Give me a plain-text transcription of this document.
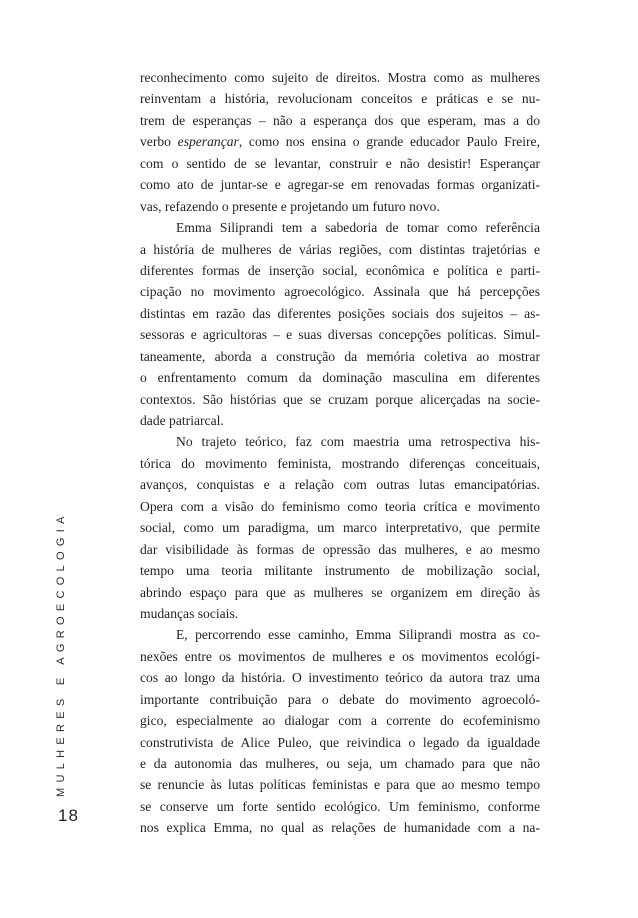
MULHERES E AGROECOLOGIA
18
reconhecimento como sujeito de direitos. Mostra como as mulheres
reinventam a história, revolucionam conceitos e práticas e se nu-
trem de esperanças – não a esperança dos que esperam, mas a do
verbo esperançar, como nos ensina o grande educador Paulo Freire,
com o sentido de se levantar, construir e não desistir! Esperançar
como ato de juntar-se e agregar-se em renovadas formas organizati-
vas, refazendo o presente e projetando um futuro novo.
Emma Siliprandi tem a sabedoria de tomar como referência
a história de mulheres de várias regiões, com distintas trajetórias e
diferentes formas de inserção social, econômica e política e parti-
cipação no movimento agroecológico. Assinala que há percepções
distintas em razão das diferentes posições sociais dos sujeitos – as-
sessoras e agricultoras – e suas diversas concepções políticas. Simul-
taneamente, aborda a construção da memória coletiva ao mostrar
o enfrentamento comum da dominação masculina em diferentes
contextos. São histórias que se cruzam porque alicerçadas na socie-
dade patriarcal.
No trajeto teórico, faz com maestria uma retrospectiva his-
tórica do movimento feminista, mostrando diferenças conceituais,
avanços, conquistas e a relação com outras lutas emancipatórias.
Opera com a visão do feminismo como teoria crítica e movimento
social, como um paradigma, um marco interpretativo, que permite
dar visibilidade às formas de opressão das mulheres, e ao mesmo
tempo uma teoria militante instrumento de mobilização social,
abrindo espaço para que as mulheres se organizem em direção às
mudanças sociais.
E, percorrendo esse caminho, Emma Siliprandi mostra as co-
nexões entre os movimentos de mulheres e os movimentos ecológi-
cos ao longo da história. O investimento teórico da autora traz uma
importante contribuição para o debate do movimento agroecoló-
gico, especialmente ao dialogar com a corrente do ecofeminismo
construtivista de Alice Puleo, que reivindica o legado da igualdade
e da autonomia das mulheres, ou seja, um chamado para que não
se renuncie às lutas políticas feministas e para que ao mesmo tempo
se conserve um forte sentido ecológico. Um feminismo, conforme
nos explica Emma, no qual as relações de humanidade com a na-
